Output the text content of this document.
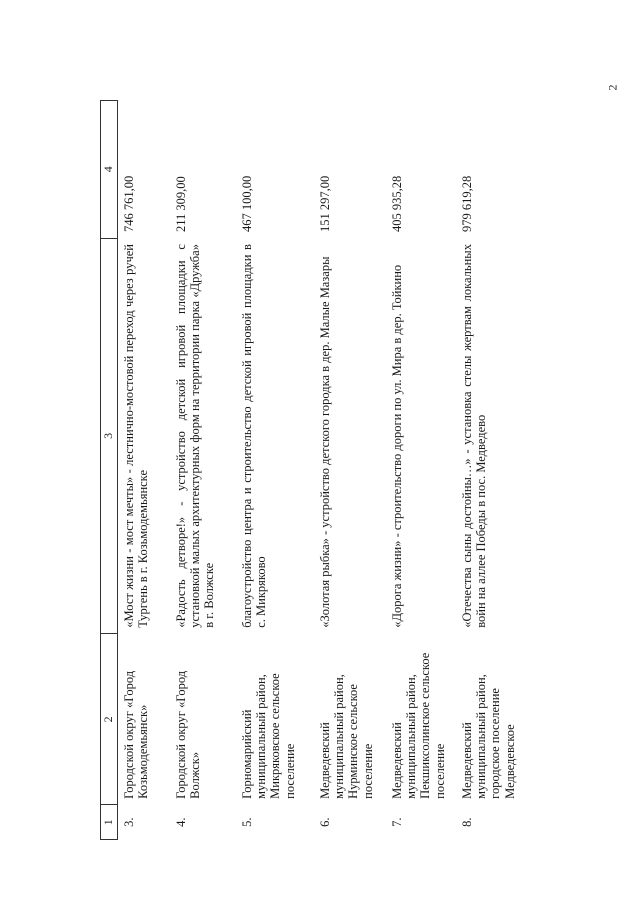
2
1	2	3	4
3.	Городской округ «Город Козьмодемьянск»	«Мост жизни - мост мечты» - лестнично-мостовой переход через ручей Тургень в г. Козьмодемьянске	746 761,00
4.	Городской округ «Город Волжск»	«Радость детворе!» - устройство детской игровой площадки с установкой малых архитектурных форм на территории парка «Дружба» в г. Волжске	211 309,00
5.	Горномарийский муниципальный район, Микряковское сельское поселение	благоустройство центра и строительство детской игровой площадки в с. Микряково	467 100,00
6.	Медведевский муниципальный район, Нурминское сельское поселение	«Золотая рыбка» - устройство детского городка в дер. Малые Мазары	151 297,00
7.	Медведевский муниципальный район, Пекшиксолинское сельское поселение	«Дорога жизни» - строительство дороги по ул. Мира в дер. Тойкино	405 935,28
8.	Медведевский муниципальный район, городское поселение Медведевское	«Отечества сыны достойны…» - установка стелы жертвам локальных войн на аллее Победы в пос. Медведево	979 619,28
